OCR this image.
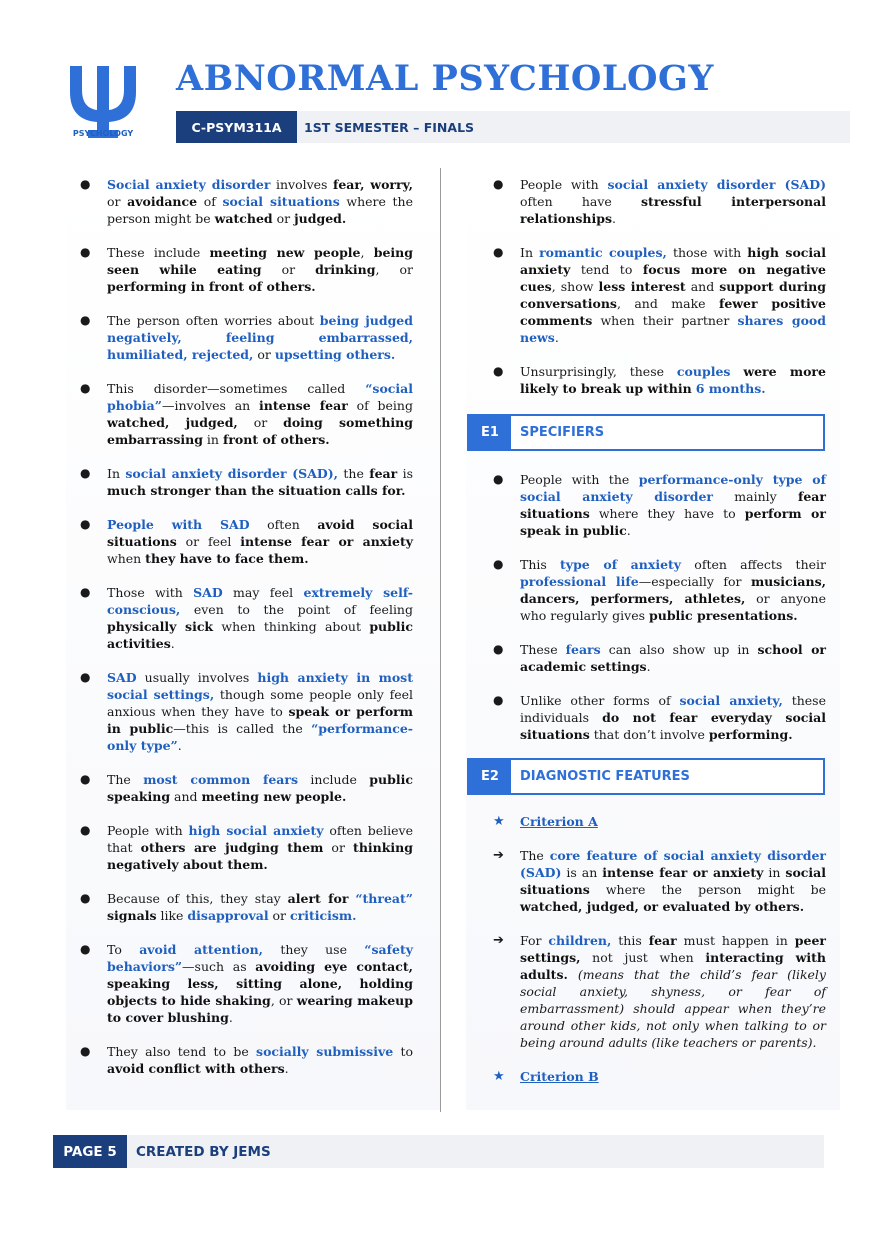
PSYCHOLOGY
ABNORMAL PSYCHOLOGY
C-PSYM311A	1ST SEMESTER – FINALS
●	Social anxiety disorder involves fear, worry, or avoidance of social situations where the person might be watched or judged.
●	These include meeting new people, being seen while eating or drinking, or performing in front of others.
●	The person often worries about being judged negatively, feeling embarrassed, humiliated, rejected, or upsetting others.
●	This disorder—sometimes called “social phobia”—involves an intense fear of being watched, judged, or doing something embarrassing in front of others.
●	In social anxiety disorder (SAD), the fear is much stronger than the situation calls for.
●	People with SAD often avoid social situations or feel intense fear or anxiety when they have to face them.
●	Those with SAD may feel extremely self-conscious, even to the point of feeling physically sick when thinking about public activities.
●	SAD usually involves high anxiety in most social settings, though some people only feel anxious when they have to speak or perform in public—this is called the “performance-only type”.
●	The most common fears include public speaking and meeting new people.
●	People with high social anxiety often believe that others are judging them or thinking negatively about them.
●	Because of this, they stay alert for “threat” signals like disapproval or criticism.
●	To avoid attention, they use “safety behaviors”—such as avoiding eye contact, speaking less, sitting alone, holding objects to hide shaking, or wearing makeup to cover blushing.
●	They also tend to be socially submissive to avoid conflict with others.
●	People with social anxiety disorder (SAD) often have stressful interpersonal relationships.
●	In romantic couples, those with high social anxiety tend to focus more on negative cues, show less interest and support during conversations, and make fewer positive comments when their partner shares good news.
●	Unsurprisingly, these couples were more likely to break up within 6 months.
E1	SPECIFIERS
●	People with the performance-only type of social anxiety disorder mainly fear situations where they have to perform or speak in public.
●	This type of anxiety often affects their professional life—especially for musicians, dancers, performers, athletes, or anyone who regularly gives public presentations.
●	These fears can also show up in school or academic settings.
●	Unlike other forms of social anxiety, these individuals do not fear everyday social situations that don’t involve performing.
E2	DIAGNOSTIC FEATURES
★	Criterion A
➔	The core feature of social anxiety disorder (SAD) is an intense fear or anxiety in social situations where the person might be watched, judged, or evaluated by others.
➔	For children, this fear must happen in peer settings, not just when interacting with adults. (means that the child’s fear (likely social anxiety, shyness, or fear of embarrassment) should appear when they’re around other kids, not only when talking to or being around adults (like teachers or parents).
★	Criterion B
PAGE 5	CREATED BY JEMS
